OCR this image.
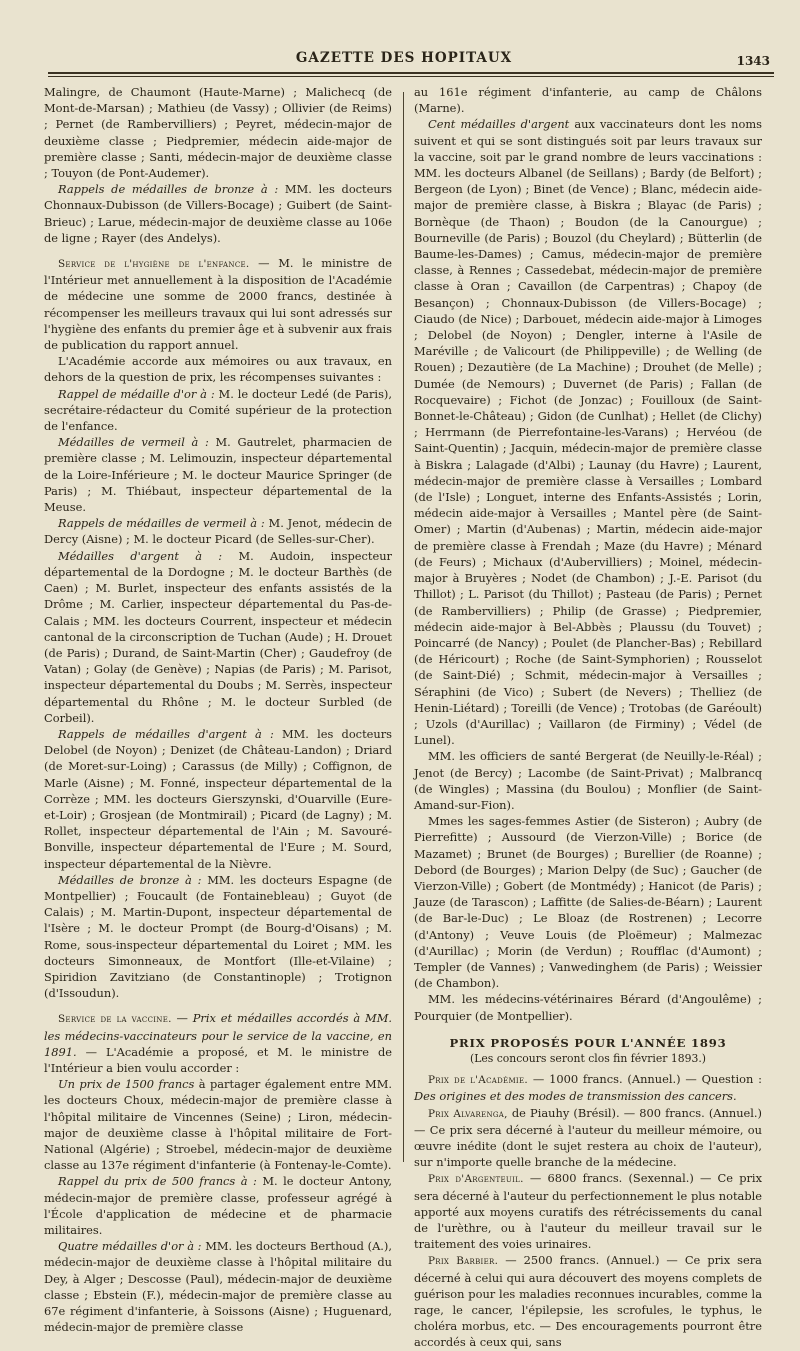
GAZETTE DES HOPITAUX	1343

Malingre, de Chaumont (Haute-Marne) ; Malichecq (de Mont-de-Marsan) ; Mathieu (de Vassy) ; Ollivier (de Reims) ; Pernet (de Rambervilliers) ; Peyret, médecin-major de deuxième classe ; Piedpremier, médecin aide-major de première classe ; Santi, médecin-major de deuxième classe ; Touyon (de Pont-Audemer).

Rappels de médailles de bronze à : MM. les docteurs Chonnaux-Dubisson (de Villers-Bocage) ; Guibert (de Saint-Brieuc) ; Larue, médecin-major de deuxième classe au 106e de ligne ; Rayer (des Andelys).

Service de l'hygiène de l'enfance. — M. le ministre de l'Intérieur met annuellement à la disposition de l'Académie de médecine une somme de 2000 francs, destinée à récompenser les meilleurs travaux qui lui sont adressés sur l'hygiène des enfants du premier âge et à subvenir aux frais de publication du rapport annuel.

L'Académie accorde aux mémoires ou aux travaux, en dehors de la question de prix, les récompenses suivantes :

Rappel de médaille d'or à : M. le docteur Ledé (de Paris), secrétaire-rédacteur du Comité supérieur de la protection de l'enfance.

Médailles de vermeil à : M. Gautrelet, pharmacien de première classe ; M. Lelimouzin, inspecteur départemental de la Loire-Inférieure ; M. le docteur Maurice Springer (de Paris) ; M. Thiébaut, inspecteur départemental de la Meuse.

Rappels de médailles de vermeil à : M. Jenot, médecin de Dercy (Aisne) ; M. le docteur Picard (de Selles-sur-Cher).

Médailles d'argent à : M. Audoin, inspecteur départemental de la Dordogne ; M. le docteur Barthès (de Caen) ; M. Burlet, inspecteur des enfants assistés de la Drôme ; M. Carlier, inspecteur départemental du Pas-de-Calais ; MM. les docteurs Courrent, inspecteur et médecin cantonal de la circonscription de Tuchan (Aude) ; H. Drouet (de Paris) ; Durand, de Saint-Martin (Cher) ; Gaudefroy (de Vatan) ; Golay (de Genève) ; Napias (de Paris) ; M. Parisot, inspecteur départemental du Doubs ; M. Serrès, inspecteur départemental du Rhône ; M. le docteur Surbled (de Corbeil).

Rappels de médailles d'argent à : MM. les docteurs Delobel (de Noyon) ; Denizet (de Château-Landon) ; Driard (de Moret-sur-Loing) ; Carassus (de Milly) ; Coffignon, de Marle (Aisne) ; M. Fonné, inspecteur départemental de la Corrèze ; MM. les docteurs Gierszynski, d'Ouarville (Eure-et-Loir) ; Grosjean (de Montmirail) ; Picard (de Lagny) ; M. Rollet, inspecteur départemental de l'Ain ; M. Savouré-Bonville, inspecteur départemental de l'Eure ; M. Sourd, inspecteur départemental de la Nièvre.

Médailles de bronze à : MM. les docteurs Espagne (de Montpellier) ; Foucault (de Fontainebleau) ; Guyot (de Calais) ; M. Martin-Dupont, inspecteur départemental de l'Isère ; M. le docteur Prompt (de Bourg-d'Oisans) ; M. Rome, sous-inspecteur départemental du Loiret ; MM. les docteurs Simonneaux, de Montfort (Ille-et-Vilaine) ; Spiridion Zavitziano (de Constantinople) ; Trotignon (d'Issoudun).

Service de la vaccine. — Prix et médailles accordés à MM. les médecins-vaccinateurs pour le service de la vaccine, en 1891. — L'Académie a proposé, et M. le ministre de l'Intérieur a bien voulu accorder :

Un prix de 1500 francs à partager également entre MM. les docteurs Choux, médecin-major de première classe à l'hôpital militaire de Vincennes (Seine) ; Liron, médecin-major de deuxième classe à l'hôpital militaire de Fort-National (Algérie) ; Stroebel, médecin-major de deuxième classe au 137e régiment d'infanterie (à Fontenay-le-Comte).

Rappel du prix de 500 francs à : M. le docteur Antony, médecin-major de première classe, professeur agrégé à l'École d'application de médecine et de pharmacie militaires.

Quatre médailles d'or à : MM. les docteurs Berthoud (A.), médecin-major de deuxième classe à l'hôpital militaire du Dey, à Alger ; Descosse (Paul), médecin-major de deuxième classe ; Ebstein (F.), médecin-major de première classe au 67e régiment d'infanterie, à Soissons (Aisne) ; Huguenard, médecin-major de première classe

au 161e régiment d'infanterie, au camp de Châlons (Marne).

Cent médailles d'argent aux vaccinateurs dont les noms suivent et qui se sont distingués soit par leurs travaux sur la vaccine, soit par le grand nombre de leurs vaccinations : MM. les docteurs Albanel (de Seillans) ; Bardy (de Belfort) ; Bergeon (de Lyon) ; Binet (de Vence) ; Blanc, médecin aide-major de première classe, à Biskra ; Blayac (de Paris) ; Bornèque (de Thaon) ; Boudon (de la Canourgue) ; Bourneville (de Paris) ; Bouzol (du Cheylard) ; Bütterlin (de Baume-les-Dames) ; Camus, médecin-major de première classe, à Rennes ; Cassedebat, médecin-major de première classe à Oran ; Cavaillon (de Carpentras) ; Chapoy (de Besançon) ; Chonnaux-Dubisson (de Villers-Bocage) ; Ciaudo (de Nice) ; Darbouet, médecin aide-major à Limoges ; Delobel (de Noyon) ; Dengler, interne à l'Asile de Maréville ; de Valicourt (de Philippeville) ; de Welling (de Rouen) ; Dezautière (de La Machine) ; Drouhet (de Melle) ; Dumée (de Nemours) ; Duvernet (de Paris) ; Fallan (de Rocquevaire) ; Fichot (de Jonzac) ; Fouilloux (de Saint-Bonnet-le-Château) ; Gidon (de Cunlhat) ; Hellet (de Clichy) ; Herrmann (de Pierrefontaine-les-Varans) ; Hervéou (de Saint-Quentin) ; Jacquin, médecin-major de première classe à Biskra ; Lalagade (d'Albi) ; Launay (du Havre) ; Laurent, médecin-major de première classe à Versailles ; Lombard (de l'Isle) ; Longuet, interne des Enfants-Assistés ; Lorin, médecin aide-major à Versailles ; Mantel père (de Saint-Omer) ; Martin (d'Aubenas) ; Martin, médecin aide-major de première classe à Frendah ; Maze (du Havre) ; Ménard (de Feurs) ; Michaux (d'Aubervilliers) ; Moinel, médecin-major à Bruyères ; Nodet (de Chambon) ; J.-E. Parisot (du Thillot) ; L. Parisot (du Thillot) ; Pasteau (de Paris) ; Pernet (de Rambervilliers) ; Philip (de Grasse) ; Piedpremier, médecin aide-major à Bel-Abbès ; Plaussu (du Touvet) ; Poincarré (de Nancy) ; Poulet (de Plancher-Bas) ; Rebillard (de Héricourt) ; Roche (de Saint-Symphorien) ; Rousselot (de Saint-Dié) ; Schmit, médecin-major à Versailles ; Séraphini (de Vico) ; Subert (de Nevers) ; Thelliez (de Henin-Liétard) ; Toreilli (de Vence) ; Trotobas (de Garéoult) ; Uzols (d'Aurillac) ; Vaillaron (de Firminy) ; Védel (de Lunel).

MM. les officiers de santé Bergerat (de Neuilly-le-Réal) ; Jenot (de Bercy) ; Lacombe (de Saint-Privat) ; Malbrancq (de Wingles) ; Massina (du Boulou) ; Monflier (de Saint-Amand-sur-Fion).

Mmes les sages-femmes Astier (de Sisteron) ; Aubry (de Pierrefitte) ; Aussourd (de Vierzon-Ville) ; Borice (de Mazamet) ; Brunet (de Bourges) ; Burellier (de Roanne) ; Debord (de Bourges) ; Marion Delpy (de Suc) ; Gaucher (de Vierzon-Ville) ; Gobert (de Montmédy) ; Hanicot (de Paris) ; Jauze (de Tarascon) ; Laffitte (de Salies-de-Béarn) ; Laurent (de Bar-le-Duc) ; Le Bloaz (de Rostrenen) ; Lecorre (d'Antony) ; Veuve Louis (de Ploëmeur) ; Malmezac (d'Aurillac) ; Morin (de Verdun) ; Roufflac (d'Aumont) ; Templer (de Vannes) ; Vanwedinghem (de Paris) ; Weissier (de Chambon).

MM. les médecins-vétérinaires Bérard (d'Angoulême) ; Pourquier (de Montpellier).

PRIX PROPOSÉS POUR L'ANNÉE 1893

(Les concours seront clos fin février 1893.)

Prix de l'Académie. — 1000 francs. (Annuel.) — Question : Des origines et des modes de transmission des cancers.

Prix Alvarenga, de Piauhy (Brésil). — 800 francs. (Annuel.) — Ce prix sera décerné à l'auteur du meilleur mémoire, ou œuvre inédite (dont le sujet restera au choix de l'auteur), sur n'importe quelle branche de la médecine.

Prix d'Argenteuil. — 6800 francs. (Sexennal.) — Ce prix sera décerné à l'auteur du perfectionnement le plus notable apporté aux moyens curatifs des rétrécissements du canal de l'urèthre, ou à l'auteur du meilleur travail sur le traitement des voies urinaires.

Prix Barbier. — 2500 francs. (Annuel.) — Ce prix sera décerné à celui qui aura découvert des moyens complets de guérison pour les maladies reconnues incurables, comme la rage, le cancer, l'épilepsie, les scrofules, le typhus, le choléra morbus, etc. — Des encouragements pourront être accordés à ceux qui, sans
